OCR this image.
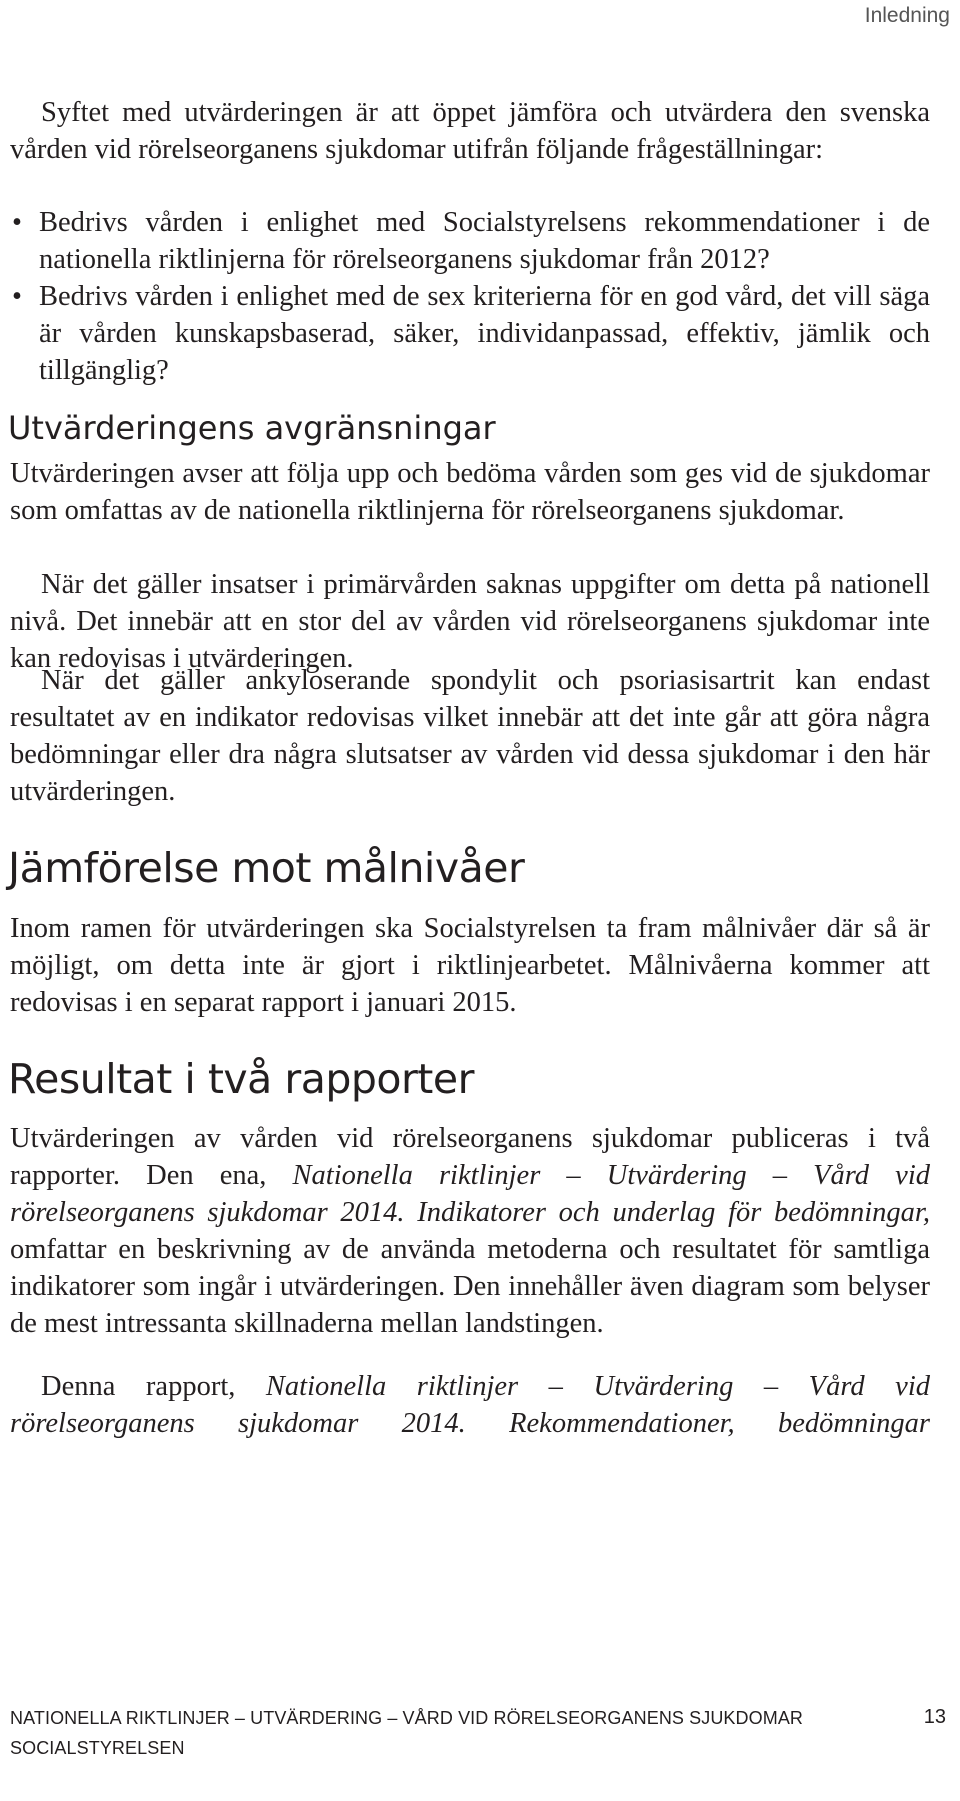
Inledning

Syftet med utvärderingen är att öppet jämföra och utvärdera den svenska vården vid rörelseorganens sjukdomar utifrån följande frågeställningar:

• Bedrivs vården i enlighet med Socialstyrelsens rekommendationer i de nationella riktlinjerna för rörelseorganens sjukdomar från 2012?
• Bedrivs vården i enlighet med de sex kriterierna för en god vård, det vill säga är vården kunskapsbaserad, säker, individanpassad, effektiv, jämlik och tillgänglig?
Utvärderingens avgränsningar

Utvärderingen avser att följa upp och bedöma vården som ges vid de sjukdomar som omfattas av de nationella riktlinjerna för rörelseorganens sjukdomar.

När det gäller insatser i primärvården saknas uppgifter om detta på nationell nivå. Det innebär att en stor del av vården vid rörelseorganens sjukdomar inte kan redovisas i utvärderingen.

När det gäller ankyloserande spondylit och psoriasisartrit kan endast resultatet av en indikator redovisas vilket innebär att det inte går att göra några bedömningar eller dra några slutsatser av vården vid dessa sjukdomar i den här utvärderingen.

Jämförelse mot målnivåer

Inom ramen för utvärderingen ska Socialstyrelsen ta fram målnivåer där så är möjligt, om detta inte är gjort i riktlinjearbetet. Målnivåerna kommer att redovisas i en separat rapport i januari 2015.

Resultat i två rapporter

Utvärderingen av vården vid rörelseorganens sjukdomar publiceras i två rapporter. Den ena, Nationella riktlinjer – Utvärdering – Vård vid rörelseorganens sjukdomar 2014. Indikatorer och underlag för bedömningar, omfattar en beskrivning av de använda metoderna och resultatet för samtliga indikatorer som ingår i utvärderingen. Den innehåller även diagram som belyser de mest intressanta skillnaderna mellan landstingen.

Denna rapport, Nationella riktlinjer – Utvärdering – Vård vid rörelseorganens sjukdomar 2014. Rekommendationer, bedömningar

NATIONELLA RIKTLINJER – UTVÄRDERING – VÅRD VID RÖRELSEORGANENS SJUKDOMAR
SOCIALSTYRELSEN
13
